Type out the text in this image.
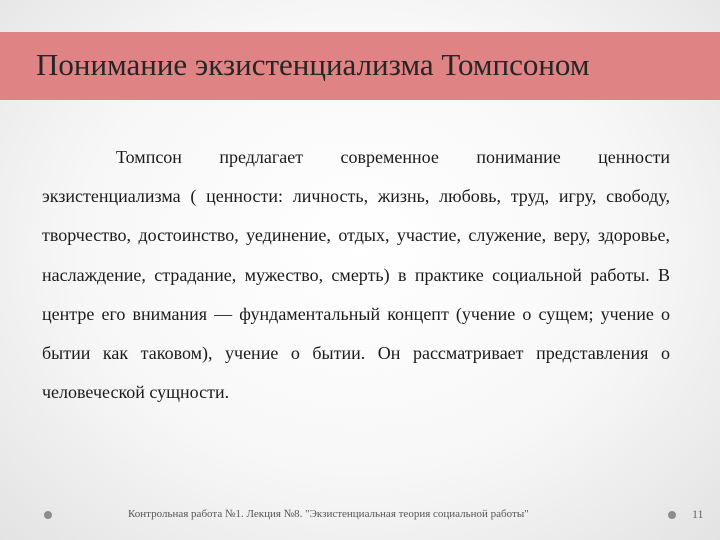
Понимание экзистенциализма Томпсоном

Томпсон предлагает современное понимание ценности экзистенциализма ( ценности: личность, жизнь, любовь, труд, игру, свободу, творчество, достоинство, уединение, отдых, участие, служение, веру, здоровье, наслаждение, страдание, мужество, смерть) в практике социальной работы. В центре его внимания — фундаментальный концепт (учение о сущем; учение о бытии как таковом), учение о бытии. Он рассматривает представления о человеческой сущности.

Контрольная работа №1. Лекция №8. "Экзистенциальная теория социальной работы"	11
